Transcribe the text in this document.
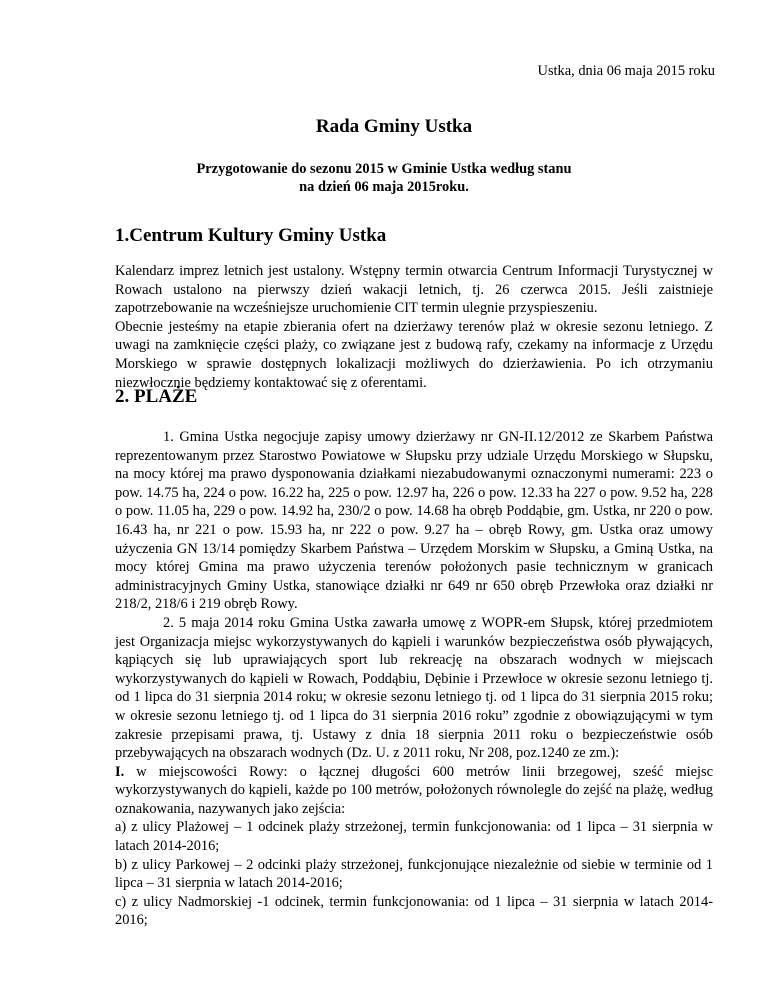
Ustka, dnia 06 maja 2015 roku
Rada Gminy Ustka
Przygotowanie do sezonu 2015 w Gminie Ustka według stanu
na dzień 06 maja 2015roku.
1.Centrum Kultury Gminy Ustka

Kalendarz imprez letnich jest ustalony. Wstępny termin otwarcia Centrum Informacji Turystycznej w Rowach ustalono na pierwszy dzień wakacji letnich, tj. 26 czerwca 2015. Jeśli zaistnieje zapotrzebowanie na wcześniejsze uruchomienie CIT termin ulegnie przyspieszeniu.

Obecnie jesteśmy na etapie zbierania ofert na dzierżawy terenów plaż w okresie sezonu letniego. Z uwagi na zamknięcie części plaży, co związane jest z budową rafy, czekamy na informacje z Urzędu Morskiego w sprawie dostępnych lokalizacji możliwych do dzierżawienia. Po ich otrzymaniu niezwłocznie będziemy kontaktować się z oferentami.

2. PLAŻE

1. Gmina Ustka negocjuje zapisy umowy dzierżawy nr GN-II.12/2012 ze Skarbem Państwa reprezentowanym przez Starostwo Powiatowe w Słupsku przy udziale Urzędu Morskiego w Słupsku, na mocy której ma prawo dysponowania działkami niezabudowanymi oznaczonymi numerami: 223 o pow. 14.75 ha, 224 o pow. 16.22 ha, 225 o pow. 12.97 ha, 226 o pow. 12.33 ha 227 o pow. 9.52 ha, 228 o pow. 11.05 ha, 229 o pow. 14.92 ha, 230/2 o pow. 14.68 ha obręb Poddąbie, gm. Ustka, nr 220 o pow. 16.43 ha, nr 221 o pow. 15.93 ha, nr 222 o pow. 9.27 ha – obręb Rowy, gm. Ustka oraz umowy użyczenia GN 13/14 pomiędzy Skarbem Państwa – Urzędem Morskim w Słupsku, a Gminą Ustka, na mocy której Gmina ma prawo użyczenia terenów położonych pasie technicznym w granicach administracyjnych Gminy Ustka, stanowiące działki nr 649 nr 650 obręb Przewłoka oraz działki nr 218/2, 218/6 i 219 obręb Rowy.

2. 5 maja 2014 roku Gmina Ustka zawarła umowę z WOPR-em Słupsk, której przedmiotem jest Organizacja miejsc wykorzystywanych do kąpieli i warunków bezpieczeństwa osób pływających, kąpiących się lub uprawiających sport lub rekreację na obszarach wodnych w miejscach wykorzystywanych do kąpieli w Rowach, Poddąbiu, Dębinie i Przewłoce w okresie sezonu letniego tj. od 1 lipca do 31 sierpnia 2014 roku; w okresie sezonu letniego tj. od 1 lipca do 31 sierpnia 2015 roku; w okresie sezonu letniego tj. od 1 lipca do 31 sierpnia 2016 roku” zgodnie z obowiązującymi w tym zakresie przepisami prawa, tj. Ustawy z dnia 18 sierpnia 2011 roku o bezpieczeństwie osób przebywających na obszarach wodnych (Dz. U. z 2011 roku, Nr 208, poz.1240 ze zm.):

I. w miejscowości Rowy: o łącznej długości 600 metrów linii brzegowej, sześć miejsc wykorzystywanych do kąpieli, każde po 100 metrów, położonych równolegle do zejść na plażę, według oznakowania, nazywanych jako zejścia:

a) z ulicy Plażowej – 1 odcinek plaży strzeżonej, termin funkcjonowania: od 1 lipca – 31 sierpnia w latach 2014-2016;

b) z ulicy Parkowej – 2 odcinki plaży strzeżonej, funkcjonujące niezależnie od siebie w terminie od 1 lipca – 31 sierpnia w latach 2014-2016;

c) z ulicy Nadmorskiej -1 odcinek, termin funkcjonowania: od 1 lipca – 31 sierpnia w latach 2014-2016;
